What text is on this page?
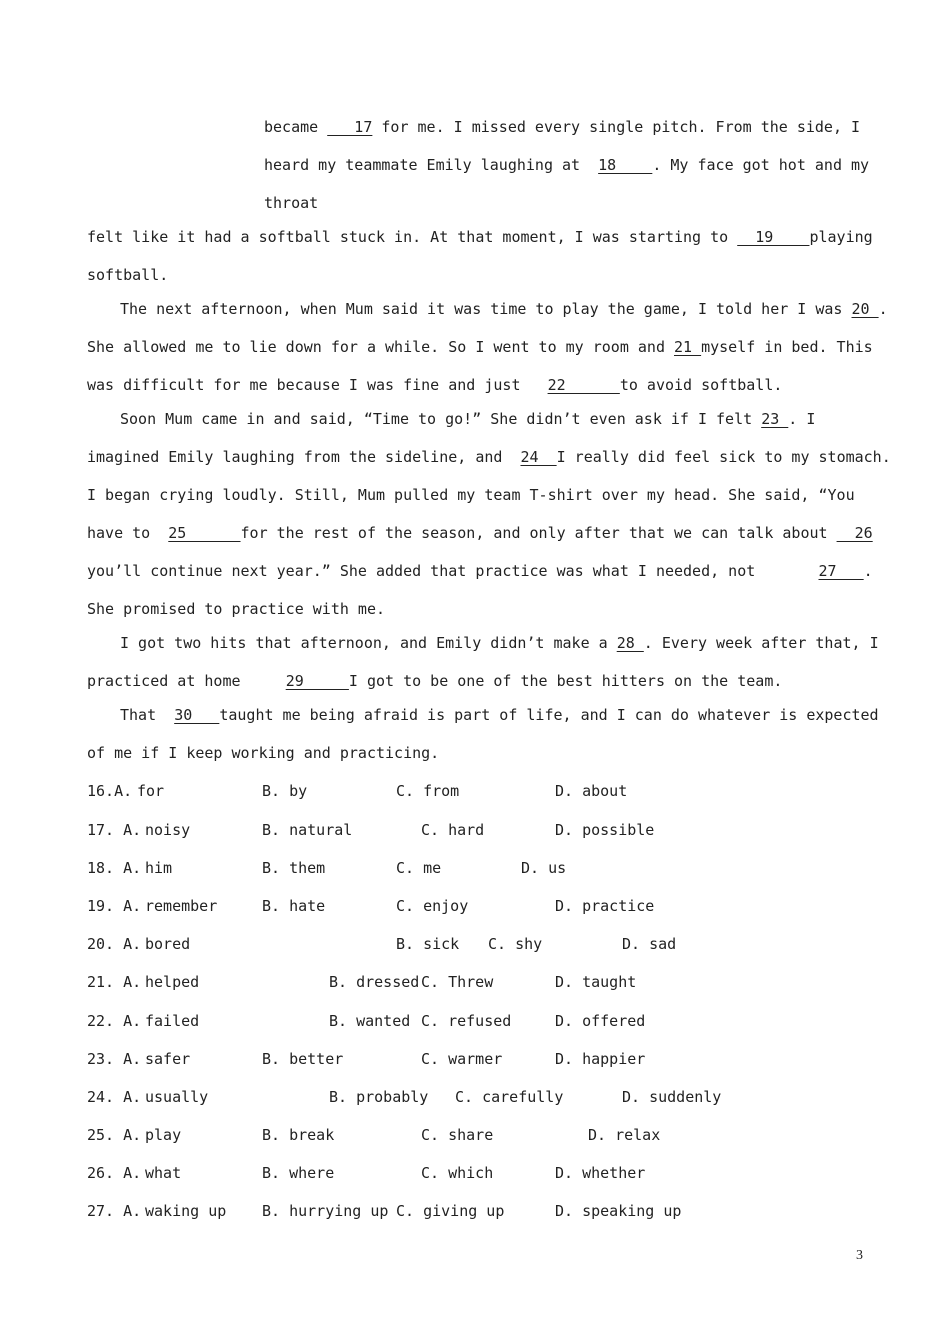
became    17 for me. I missed every single pitch. From the side, I
heard my teammate Emily laughing at  18    . My face got hot and my
throat
felt like it had a softball stuck in. At that moment, I was starting to   19    playing
softball.
The next afternoon, when Mum said it was time to play the game, I told her I was 20 .
She allowed me to lie down for a while. So I went to my room and 21 myself in bed. This
was difficult for me because I was fine and just   22      to avoid softball.
Soon Mum came in and said, “Time to go!” She didn’t even ask if I felt 23 . I
imagined Emily laughing from the sideline, and  24  I really did feel sick to my stomach.
I began crying loudly. Still, Mum pulled my team T-shirt over my head. She said, “You
have to  25      for the rest of the season, and only after that we can talk about   26
you’ll continue next year.” She added that practice was what I needed, not       27   .
She promised to practice with me.
I got two hits that afternoon, and Emily didn’t make a 28 . Every week after that, I
practiced at home     29     I got to be one of the best hitters on the team.
That  30   taught me being afraid is part of life, and I can do whatever is expected
of me if I keep working and practicing.
16.A. for	B. by	C. from	D. about
17. A. noisy	B. natural	C. hard	D. possible
18. A. him	B. them	C. me	D. us
19. A. remember	B. hate	C. enjoy	D. practice
20. A. bored	B. sick C. shy	D. sad
21. A. helped	B. dressed C. Threw	D. taught
22. A. failed	B. wanted C. refused	D. offered
23. A. safer	B. better	C. warmer	D. happier
24. A. usually	B. probably C. carefully	D. suddenly
25. A. play	B. break	C. share	D. relax
26. A. what	B. where	C. which	D. whether
27. A. waking up B. hurrying up C. giving up	D. speaking up
3
